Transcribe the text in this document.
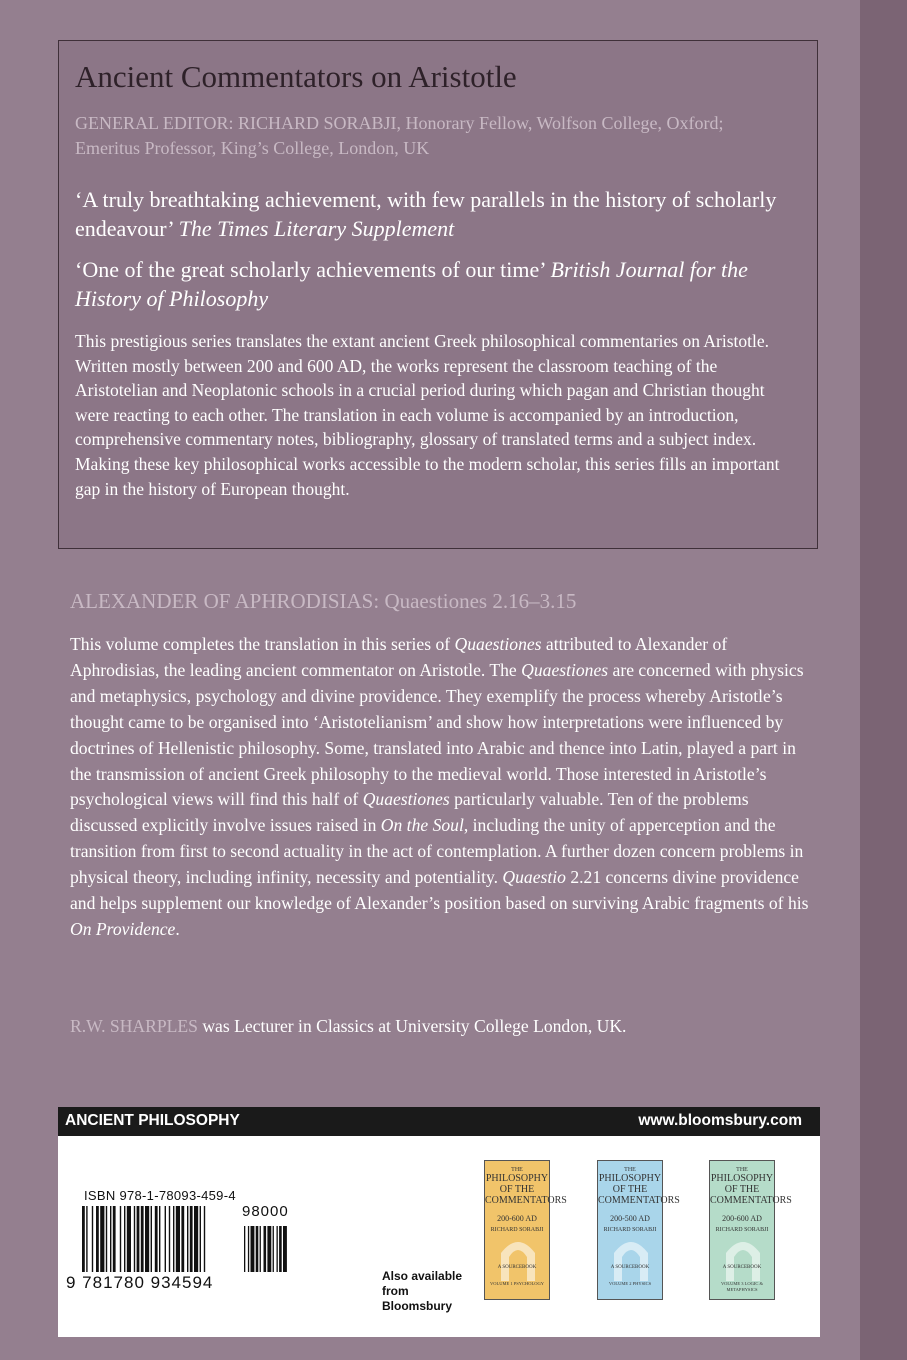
Ancient Commentators on Aristotle
GENERAL EDITOR: RICHARD SORABJI, Honorary Fellow, Wolfson College, Oxford; Emeritus Professor, King’s College, London, UK
‘A truly breathtaking achievement, with few parallels in the history of scholarly endeavour’ The Times Literary Supplement
‘One of the great scholarly achievements of our time’ British Journal for the History of Philosophy
This prestigious series translates the extant ancient Greek philosophical commentaries on Aristotle. Written mostly between 200 and 600 AD, the works represent the classroom teaching of the Aristotelian and Neoplatonic schools in a crucial period during which pagan and Christian thought were reacting to each other. The translation in each volume is accompanied by an introduction, comprehensive commentary notes, bibliography, glossary of translated terms and a subject index. Making these key philosophical works accessible to the modern scholar, this series fills an important gap in the history of European thought.
ALEXANDER OF APHRODISIAS: Quaestiones 2.16–3.15
This volume completes the translation in this series of Quaestiones attributed to Alexander of Aphrodisias, the leading ancient commentator on Aristotle. The Quaestiones are concerned with physics and metaphysics, psychology and divine providence. They exemplify the process whereby Aristotle’s thought came to be organised into ‘Aristotelianism’ and show how interpretations were influenced by doctrines of Hellenistic philosophy. Some, translated into Arabic and thence into Latin, played a part in the transmission of ancient Greek philosophy to the medieval world. Those interested in Aristotle’s psychological views will find this half of Quaestiones particularly valuable. Ten of the problems discussed explicitly involve issues raised in On the Soul, including the unity of apperception and the transition from first to second actuality in the act of contemplation. A further dozen concern problems in physical theory, including infinity, necessity and potentiality. Quaestio 2.21 concerns divine providence and helps supplement our knowledge of Alexander’s position based on surviving Arabic fragments of his On Providence.
R.W. SHARPLES was Lecturer in Classics at University College London, UK.
ANCIENT PHILOSOPHY	www.bloomsbury.com
ISBN 978-1-78093-459-4
98000
9 781780 934594	Also available from Bloomsbury
THE
PHILOSOPHY OF THE COMMENTATORS
200-600 AD
RICHARD SORABJI
A SOURCEBOOK
VOLUME 1 PSYCHOLOGY
THE
PHILOSOPHY OF THE COMMENTATORS
200-500 AD
RICHARD SORABJI
A SOURCEBOOK
VOLUME 2 PHYSICS
THE
PHILOSOPHY OF THE COMMENTATORS
200-600 AD
RICHARD SORABJI
A SOURCEBOOK
VOLUME 3 LOGIC & METAPHYSICS
